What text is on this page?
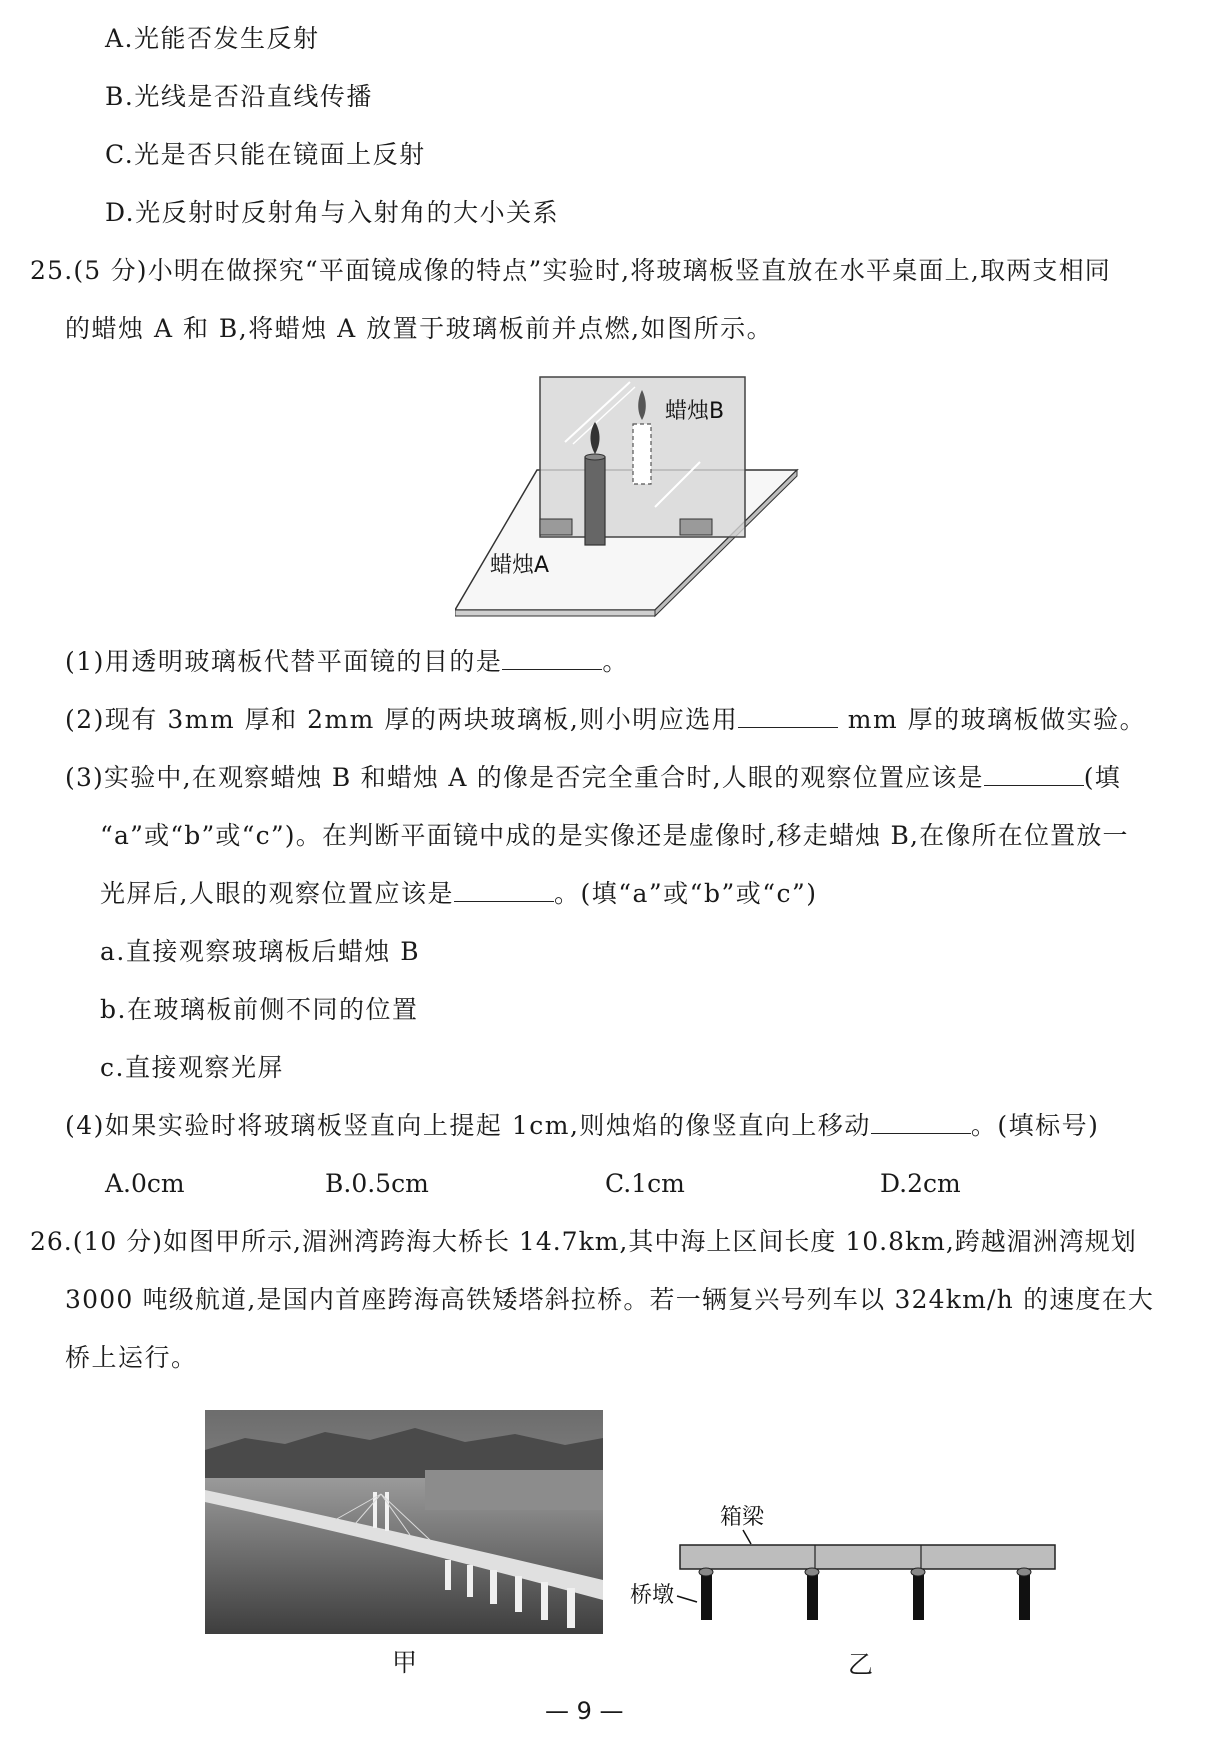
A.光能否发生反射
B.光线是否沿直线传播
C.光是否只能在镜面上反射
D.光反射时反射角与入射角的大小关系
25.(5 分)小明在做探究“平面镜成像的特点”实验时,将玻璃板竖直放在水平桌面上,取两支相同
的蜡烛 A 和 B,将蜡烛 A 放置于玻璃板前并点燃,如图所示。
蜡烛B
蜡烛A
(1)用透明玻璃板代替平面镜的目的是	。
(2)现有 3mm 厚和 2mm 厚的两块玻璃板,则小明应选用	mm 厚的玻璃板做实验。
(3)实验中,在观察蜡烛 B 和蜡烛 A 的像是否完全重合时,人眼的观察位置应该是	(填
“a”或“b”或“c”)。在判断平面镜中成的是实像还是虚像时,移走蜡烛 B,在像所在位置放一
光屏后,人眼的观察位置应该是	。(填“a”或“b”或“c”)
a.直接观察玻璃板后蜡烛 B
b.在玻璃板前侧不同的位置
c.直接观察光屏
(4)如果实验时将玻璃板竖直向上提起 1cm,则烛焰的像竖直向上移动	。(填标号)
A.0cm	B.0.5cm	C.1cm	D.2cm
26.(10 分)如图甲所示,湄洲湾跨海大桥长 14.7km,其中海上区间长度 10.8km,跨越湄洲湾规划
3000 吨级航道,是国内首座跨海高铁矮塔斜拉桥。若一辆复兴号列车以 324km/h 的速度在大
桥上运行。
甲
箱梁
桥墩
乙
— 9 —
